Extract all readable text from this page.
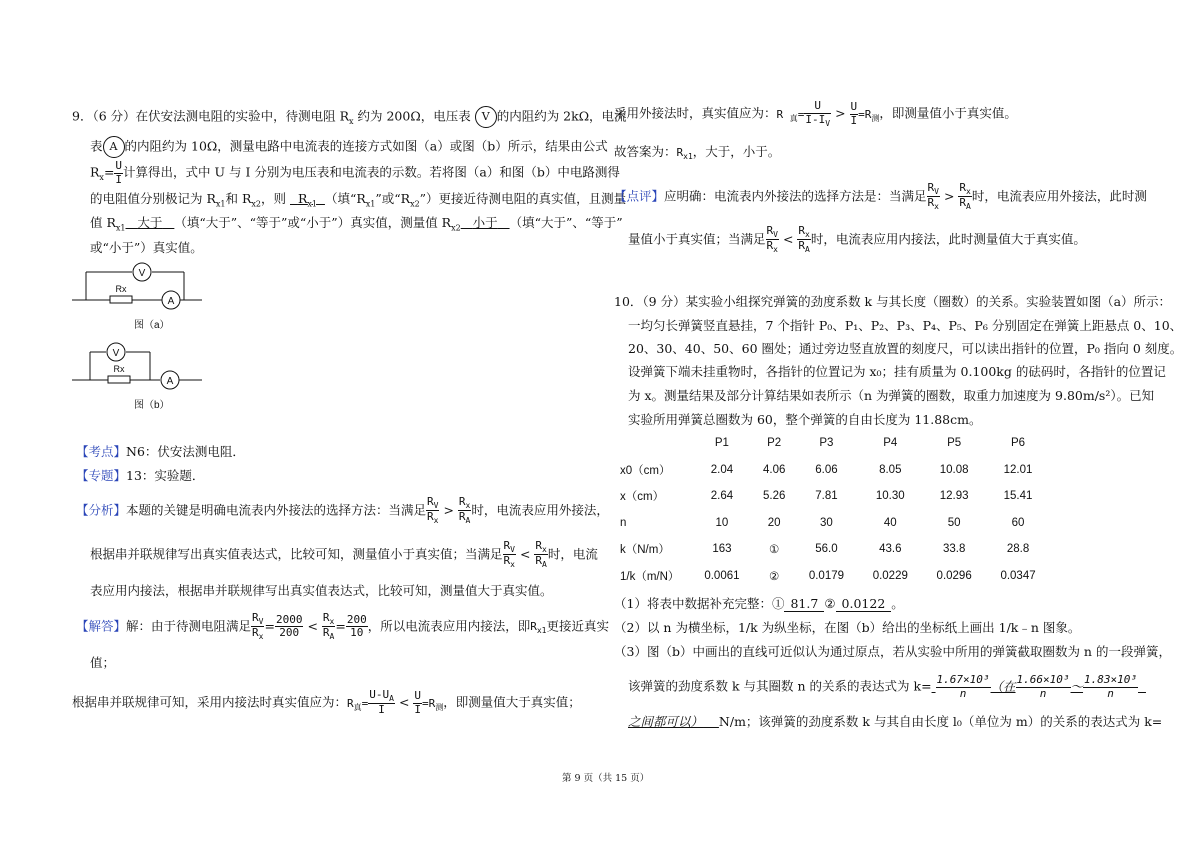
9．（6 分）在伏安法测电阻的实验中，待测电阻 $R_x$ 约为 200Ω，电压表 V 的内阻约为 2kΩ，电流
表 A 的内阻约为 10Ω，测量电路中电流表的连接方式如图（a）或图（b）所示，结果由公式
$R_x= \frac{U}{I}$ 计算得出，式中 U 与 I 分别为电压表和电流表的示数。若将图（a）和图（b）中电路测得
的电阻值分别极记为 $R_{x1}$和 $R_{x2}$，则 $R_{x1}$ （填“$R_{x1}$”或“$R_{x2}$”）更接近待测电阻的真实值，且测量
值 $R_{x1}$ 大于 （填“大于”、“等于”或“小于”）真实值，测量值 $R_{x2}$ 小于 （填“大于”、“等于”
或“小于”）真实值。
V
A
Rx
图（a）
V
A
Rx
图（b）
【考点】N6：伏安法测电阻．
【专题】13：实验题．
【分析】本题的关键是明确电流表内外接法的选择方法：当满足 $\frac{R_V}{R_x} > \frac{R_x}{R_A}$ 时，电流表应用外接法，
根据串并联规律写出真实值表达式，比较可知，测量值小于真实值；当满足 $\frac{R_V}{R_x} < \frac{R_x}{R_A}$ 时，电流
表应用内接法，根据串并联规律写出真实值表达式，比较可知，测量值大于真实值。
【解答】解：由于待测电阻满足 $\frac{R_V}{R_x} = \frac{2000}{200} < \frac{R_x}{R_A} = \frac{200}{10}$ ，所以电流表应用内接法，即$R_{x1}$更接近真实
值；
根据串并联规律可知，采用内接法时真实值应为：$R_真= \frac{U-U_A}{I} < \frac{U}{I} =R_测$，即测量值大于真实值；
采用外接法时，真实值应为：R $_真= \frac{U}{I-I_V} > \frac{U}{I} =R_测$，即测量值小于真实值。
故答案为：$R_{x1}$，大于，小于。
【点评】应明确：电流表内外接法的选择方法是：当满足 $\frac{R_V}{R_x} > \frac{R_x}{R_A}$ 时，电流表应用外接法，此时测
量值小于真实值；当满足 $\frac{R_V}{R_x} < \frac{R_x}{R_A}$ 时，电流表应用内接法，此时测量值大于真实值。
10．（9 分）某实验小组探究弹簧的劲度系数 k 与其长度（圈数）的关系。实验装置如图（a）所示：
一均匀长弹簧竖直悬挂，7 个指针 P₀、P₁、P₂、P₃、P₄、P₅、P₆ 分别固定在弹簧上距悬点 0、10、
20、30、40、50、60 圈处；通过旁边竖直放置的刻度尺，可以读出指针的位置，P₀ 指向 0 刻度。
设弹簧下端未挂重物时，各指针的位置记为 x₀；挂有质量为 0.100kg 的砝码时，各指针的位置记
为 x。测量结果及部分计算结果如表所示（n 为弹簧的圈数，取重力加速度为 9.80m/s²）。已知
实验所用弹簧总圈数为 60，整个弹簧的自由长度为 11.88cm。
	P1	P2	P3	P4	P5	P6
x0（cm）	2.04	4.06	6.06	8.05	10.08	12.01
x（cm）	2.64	5.26	7.81	10.30	12.93	15.41
n	10	20	30	40	50	60
k（N/m）	163	①	56.0	43.6	33.8	28.8
1/k（m/N）	0.0061	②	0.0179	0.0229	0.0296	0.0347
（1）将表中数据补充完整：① 81.7 ② 0.0122 。
（2）以 n 为横坐标，1/k 为纵坐标，在图（b）给出的坐标纸上画出 1/k﹣n 图象。
（3）图（b）中画出的直线可近似认为通过原点，若从实验中所用的弹簧截取圈数为 n 的一段弹簧，
该弹簧的劲度系数 k 与其圈数 n 的关系的表达式为 $k= \frac{\text{1.67×10³}}{n}$ （在 $\frac{\text{1.66×10³}}{n}$ ～ $\frac{\text{1.83×10³}}{n}$

之间都可以） N/m；该弹簧的劲度系数 k 与其自由长度 l₀（单位为 m）的关系的表达式为 k=
第 9 页（共 15 页）
